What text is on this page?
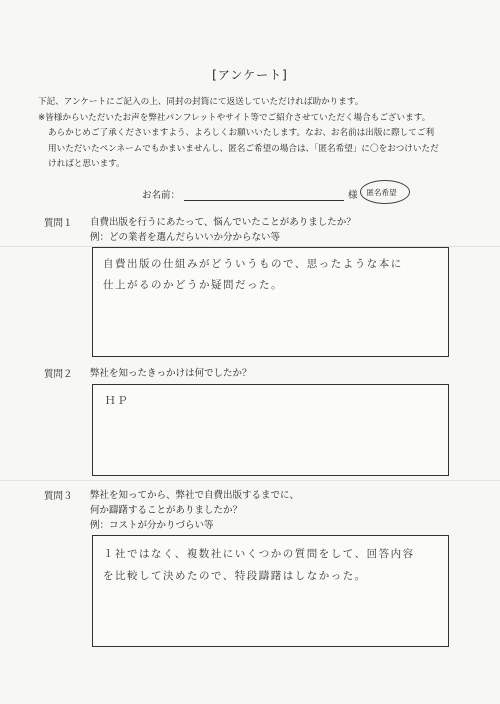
[アンケート]

下記、アンケートにご記入の上、同封の封筒にて返送していただければ助かります。

※皆様からいただいたお声を弊社パンフレットやサイト等でご紹介させていただく場合もございます。

あらかじめご了承くださいますよう、よろしくお願いいたします。なお、お名前は出版に際してご利

用いただいたペンネームでもかまいませんし、匿名ご希望の場合は、「匿名希望」に〇をおつけいただ

ければと思います。

お名前：	様	匿名希望
質問１	自費出版を行うにあたって、悩んでいたことがありましたか？
例：どの業者を選んだらいいか分からない等
自費出版の仕組みがどういうもので、思ったような本に
仕上がるのかどうか疑問だった。
質問２	弊社を知ったきっかけは何でしたか？
ＨＰ
質問３	弊社を知ってから、弊社で自費出版するまでに、
何か躊躇することがありましたか？
例：コストが分かりづらい等
１社ではなく、複数社にいくつかの質問をして、回答内容
を比較して決めたので、特段躊躇はしなかった。
